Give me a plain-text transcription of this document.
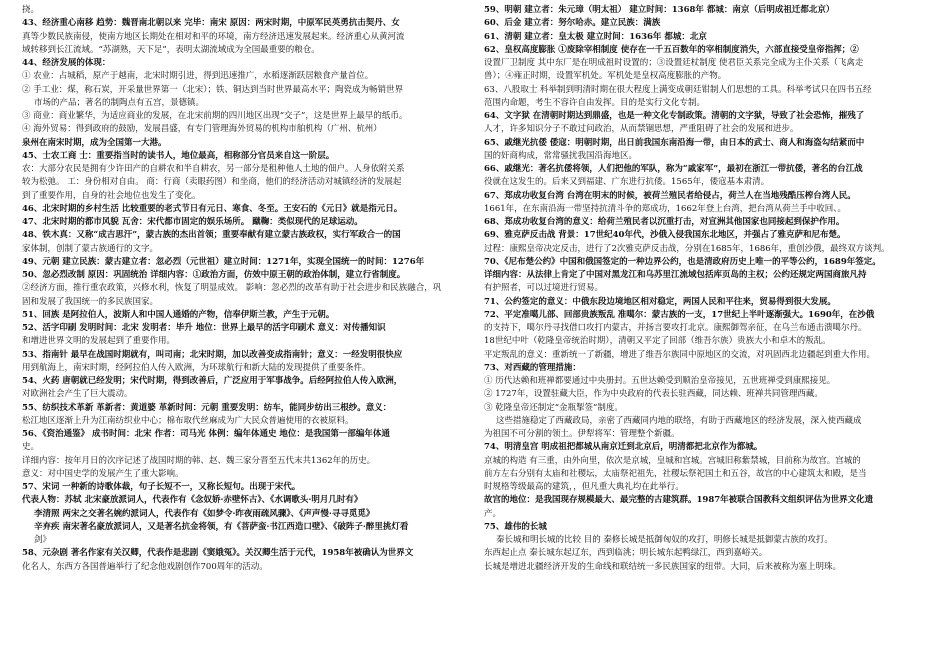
挠。
43、经济重心南移 趋势：魏晋南北朝以来 完毕：南宋 原因：两宋时期，中原军民英勇抗击契丹、女
真等少数民族南侵，使南方地区长期处在相对和平的环境，南方经济迅速发展起来。经济重心从黄河流
域转移到长江流域。“苏湖熟，天下足”，表明太湖流域成为全国最重要的粮仓。
44、经济发展的体现：
① 农业：占城稻，原产于越南，北宋时期引进，得到迅速推广，水稻逐渐跃居粮食产量首位。
② 手工业：煤，称石炭，开采量世界第一（北宋）；铁、铜达到当时世界最高水平；陶瓷成为畅销世界
市场的产品；著名的制陶点有五宫，景德镇。
③ 商业：商业繁华，为适应商业的发展，在北宋前期的四川地区出现“交子”，这是世界上最早的纸币。
④ 海外贸易：得到政府的鼓励，发展昌盛，有专门管理海外贸易的机构市舶机构（广州、杭州）
泉州在南宋时期，成为全国第一大港。
45、士农工商 士：重要指当时的读书人，地位最高，相称部分官员来自这一阶层。
农：大部分农民是拥有少许田产的自耕农和半自耕农，另一部分是租种他人土地的佃户。人身依附关系
较为松弛。 工：身份相对自由。 商：行商（卖眼药图）和坐商，他们的经济活动对城镇经济的发展起
到了重要作用，自身的社会地位也发生了变化。
46、北宋时期的乡村生活 比较重要的老式节日有元日、寒食、冬至。王安石的《元日》就是指元日。
47、北宋时期的都市风貌 瓦舍：宋代都市固定的娱乐场所。 蹴鞠：类似现代的足球运动。
48、铁木真：又称“成吉思汗”，蒙古族的杰出首领；重要奉献有建立蒙古族政权，实行军政合一的国
家体制，创制了蒙古族通行的文字。
49、元朝 建立民族：蒙古建立者：忽必烈（元世祖）建立时间：1271年，实现全国统一的时间：1276年
50、忽必烈改制 原因：巩固统治 详细内容：①政治方面，仿效中原王朝的政治体制，建立行省制度。
②经济方面，推行重农政策，兴修水利，恢复了明显成效。 影响：忽必烈的改革有助于社会进步和民族融合，巩
固和发展了我国统一的多民族国家。
51、回族 是阿拉伯人，波斯人和中国人通婚的产物，信奉伊斯兰教，产生于元朝。
52、活字印刷 发明时间：北宋 发明者：毕升 地位：世界上最早的活字印刷术 意义：对传播知识
和增进世界文明的发展起到了重要作用。
53、指南针 最早在战国时期就有，叫司南；北宋时期，加以改善变成指南针；意义：一经发明很快应
用到航海上，南宋时期，经阿拉伯人传入欧洲，为环球航行和新大陆的发现提供了重要条件。
54、火药 唐朝就已经发明；宋代时期，得到改善后，广泛应用于军事战争。后经阿拉伯人传入欧洲，
对欧洲社会产生了巨大震动。
55、纺织技术革新 革新者：黄道婆 革新时间：元朝 重要发明：纺车，能同步纺出三根纱。意义：
松江地区逐渐上升为江南纺织业中心；棉布取代丝麻成为广大民众普遍使用的衣被原料。
56、《资治通鉴》 成书时间：北宋 作者：司马光 体例：编年体通史 地位：是我国第一部编年体通
史。
详细内容：按年月日的次序记述了战国时期的韩、赵、魏三家分晋至五代末共1362年的历史。
意义：对中国史学的发展产生了重大影响。
57、宋词 一种新的诗歌体裁，句子长短不一，又称长短句。出现于宋代。
代表人物：苏轼 北宋豪放派词人，代表作有《念奴娇·赤壁怀古》、《水调歌头·明月几时有》
李清照 两宋之交著名婉约派词人，代表作有《如梦令·昨夜雨疏风骤》、《声声慢·寻寻觅觅》
辛弃疾 南宋著名豪放派词人，又是著名抗金将领，有《菩萨蛮·书江西造口壁》、《破阵子·醉里挑灯看
剑》
58、元杂剧 著名作家有关汉卿，代表作是悲剧《窦娥冤》。关汉卿生活于元代，1958年被确认为世界文
化名人，东西方各国普遍举行了纪念他戏剧创作700周年的活动。
59、明朝 建立者：朱元璋（明太祖） 建立时间：1368年 都城：南京（后明成祖迁都北京）
60、后金 建立者：努尔哈赤。建立民族：满族
61、清朝 建立者：皇太极 建立时间：1636年 都城：北京
62、皇权高度膨胀 ①废除宰相制度 使存在一千五百数年的宰相制度消失，六部直接受皇帝指挥；②
设置厂卫制度 其中东厂是在明成祖时设置的；③设置廷杖制度 使君臣关系完全成为主仆关系（飞禽走
兽）；④雍正时期，设置军机处。军机处是皇权高度膨胀的产物。
63、八股取士 科举制到明清时期在很大程度上满变成朝廷钳制人们思想的工具。科举考试只在四书五经
范围内命题，考生不容许自由发挥。目的是实行文化专制。
64、文字狱 在清朝时期达到鼎盛，也是一种文化专制政策。清朝的文字狱，导致了社会恐怖，摧残了
人才，许多知识分子不敢过问政治，从而禁锢思想，严重阻碍了社会的发展和进步。
65、戚继光抗倭 倭寇：明朝时期，出日前我国东南沿海一带，由日本的武士、商人和海盗勾结紧而中
国的奸商构成，常常骚扰我国沿海地区。
66、戚继光：著名抗倭将领，人们把他的军队，称为“戚家军”，最初在浙江一带抗倭，著名的台江战
役就在这发生的。后来又到福建、广东进行抗倭。1565年，倭寇基本肃清。
67、郑成功收复台湾 台湾在明末的时候，被荷兰殖民者给侵占，荷兰人在当地残酷压榨台湾人民。
1661年，在东南沿海一带坚持抗清斗争的郑成功，1662年登上台湾，把台湾从荷兰手中收回、。
68、郑成功收复台湾的意义：给荷兰殖民者以沉重打击，对宣洲其他国家也同接起到保护作用。
69、雅克萨反击战 背景：17世纪40年代，沙俄入侵我国东北地区，并强占了雅克萨和尼布楚。
过程：康熙皇帝决定反击，进行了2次雅克萨反击战，分别在1685年，1686年，重创沙俄，最终双方谈判。
70、《尼布楚公约》中国和俄国签定的一种边界公约，也是清政府历史上唯一的平等公约，1689年签定。
详细内容：从法律上肯定了中国对黑龙江和乌苏里江流域包括库页岛的主权；公约还规定两国商旅凡持
有护照者，可以过境进行贸易。
71、公约签定的意义：中俄东段边境地区相对稳定，两国人民和平往来，贸易得到很大发展。
72、平定准噶儿部、回部贵族叛乱 准噶尔：蒙古族的一支，17世纪上半叶逐渐强大。1690年，在沙俄
的支持下，噶尔丹寻找借口攻打内蒙古，并扬言要攻打北京。康熙御驾亲征，在乌兰布通击溃噶尔丹。
18世纪中叶（乾隆皇帝统治时期），清朝又平定了回部（维吾尔族）贵族大小和卓木的叛乱。
平定叛乱的意义：重新统一了新疆，增进了维吾尔族同中原地区的交流，对巩固西北边疆起到重大作用。
73、对西藏的管理措施：
① 历代达赖和班禅都要通过中央册封。五世达赖受到顺治皇帝接见，五世班禅受到康熙接见。
② 1727年，设置驻藏大臣，作为中央政府的代表长驻西藏，同达赖、班禅共同管理西藏。
③ 乾隆皇帝还制定“金瓶掣签”制度。
这些措施稳定了西藏政局，亲密了西藏同内地的联络，有助于西藏地区的经济发展，深入使西藏成
为祖国不可分割的领土。伊犁将军：管理整个新疆。
74、明清皇宫 明成祖把都城从南京迁到北京后，明清都把北京作为都城。
京城的构造 有三重，由外向里，依次是京城，皇城和宫城。宫城旧称紫禁城，目前称为故宫。宫城的
前方左右分别有太庙和社稷坛，太庙祭祀祖先，社稷坛祭祀国土和五谷，故宫的中心建筑太和殿，是当
时规格等级最高的建筑，，但凡重大典礼均在此举行。
故宫的地位：是我国现存规模最大、最完整的古建筑群。1987年被联合国教科文组织评估为世界文化遗
产。
75、雄伟的长城
秦长城和明长城的比较 目的 秦修长城是抵御匈奴的攻打，明修长城是抵御蒙古族的攻打。
东西起止点 秦长城东起辽东，西到临洮；明长城东起鸭绿江，西到嘉峪关。
长城是增进北疆经济开发的生命线和联结统一多民族国家的纽带。大同，后来被称为塞上明珠。
